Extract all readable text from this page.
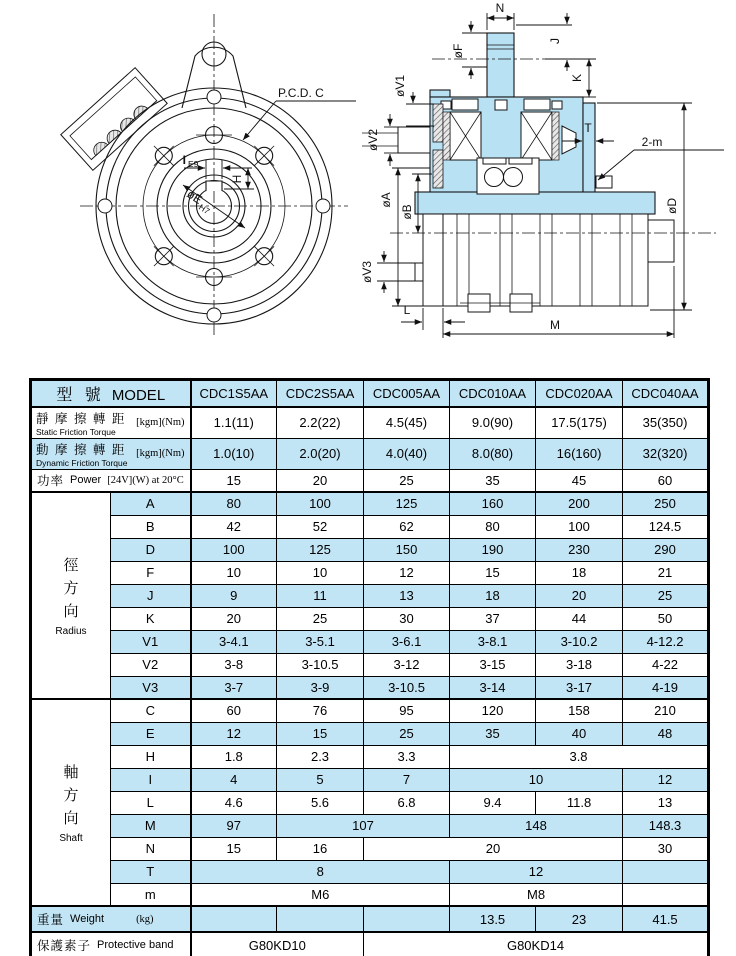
P.C.D. C
I E9
H
øE
H7
N
øF
J
K
T
2-m
øD
øV1
øV2
øA
øB
øV3
L
M
型 號 MODEL		CDC1S5AA	CDC2S5AA	CDC005AA	CDC010AA	CDC020AA	CDC040AA

靜 摩 擦 轉 距
Static Friction Torque
[kgm](Nm)		1.1(11)	2.2(22)	4.5(45)	9.0(90)	17.5(175)	35(350)

動 摩 擦 轉 距
Dynamic Friction Torque
[kgm](Nm)		1.0(10)	2.0(20)	4.0(40)	8.0(80)	16(160)	32(320)

功率 Power [24V](W) at 20°C		15	20	25	35	45	60

徑
方
向
Radius	A	80	100	125	160	200	250
	B	42	52	62	80	100	124.5
	D	100	125	150	190	230	290
	F	10	10	12	15	18	21
	J	9	11	13	18	20	25
	K	20	25	30	37	44	50
	V1	3-4.1	3-5.1	3-6.1	3-8.1	3-10.2	4-12.2
	V2	3-8	3-10.5	3-12	3-15	3-18	4-22
	V3	3-7	3-9	3-10.5	3-14	3-17	4-19

軸
方
向
Shaft	C	60	76	95	120	158	210
	E	12	15	25	35	40	48
	H	1.8	2.3	3.3	3.8		
	I	4	5	7	10		12
	L	4.6	5.6	6.8	9.4	11.8	13
	M	97	107		148		148.3
	N	15	16	20			30
	T	8			12		
	m	M6			M8		

重量 Weight (kg)					13.5	23	41.5

保護素子 Protective band		G80KD10		G80KD14			
